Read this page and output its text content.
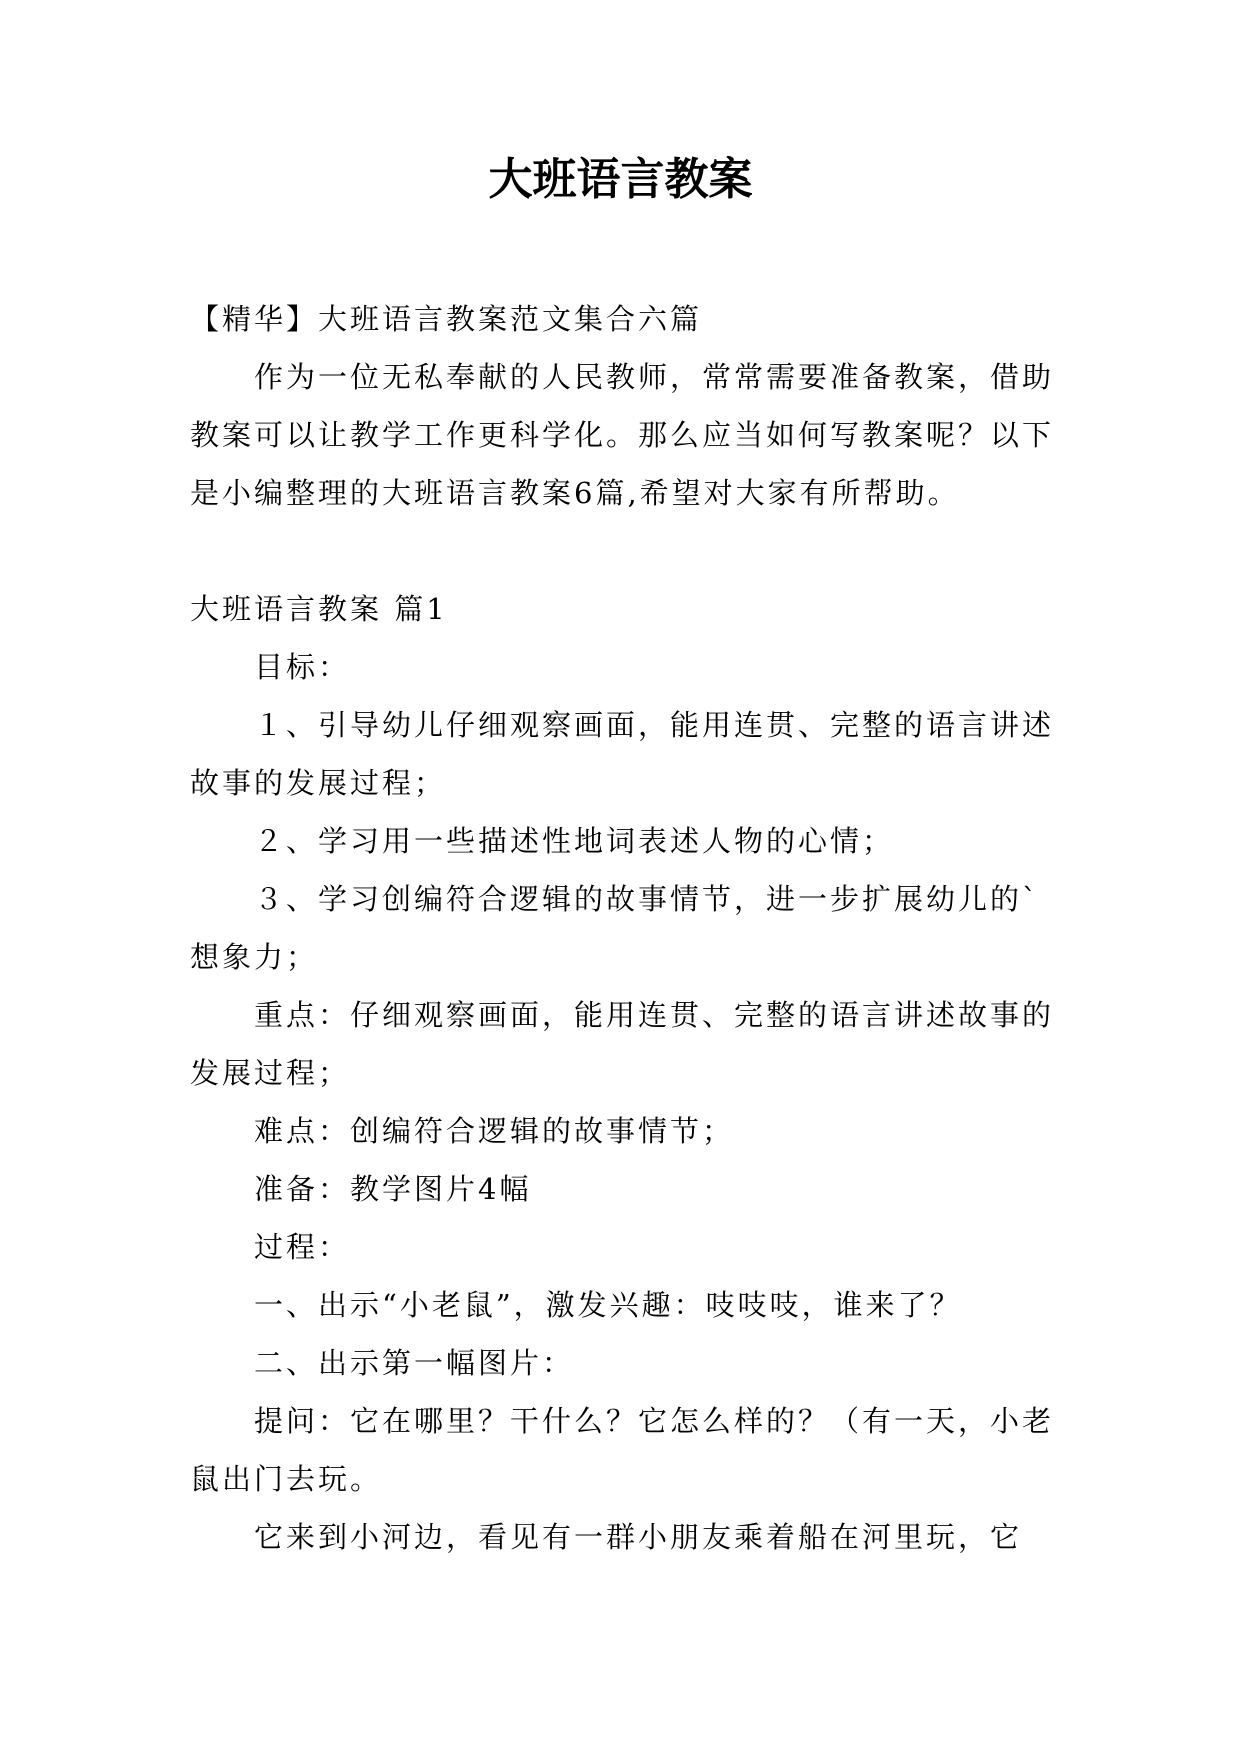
大班语言教案

【精华】大班语言教案范文集合六篇

作为一位无私奉献的人民教师，常常需要准备教案，借助教案可以让教学工作更科学化。那么应当如何写教案呢？以下是小编整理的大班语言教案6篇,希望对大家有所帮助。

大班语言教案 篇1

目标：

１、引导幼儿仔细观察画面，能用连贯、完整的语言讲述故事的发展过程；

２、学习用一些描述性地词表述人物的心情；

３、学习创编符合逻辑的故事情节，进一步扩展幼儿的`想象力；

重点：仔细观察画面，能用连贯、完整的语言讲述故事的发展过程；

难点：创编符合逻辑的故事情节；

准备：教学图片4幅

过程：

一、出示“小老鼠”，激发兴趣：吱吱吱，谁来了？

二、出示第一幅图片：

提问：它在哪里？干什么？它怎么样的？（有一天，小老鼠出门去玩。

它来到小河边，看见有一群小朋友乘着船在河里玩，它
